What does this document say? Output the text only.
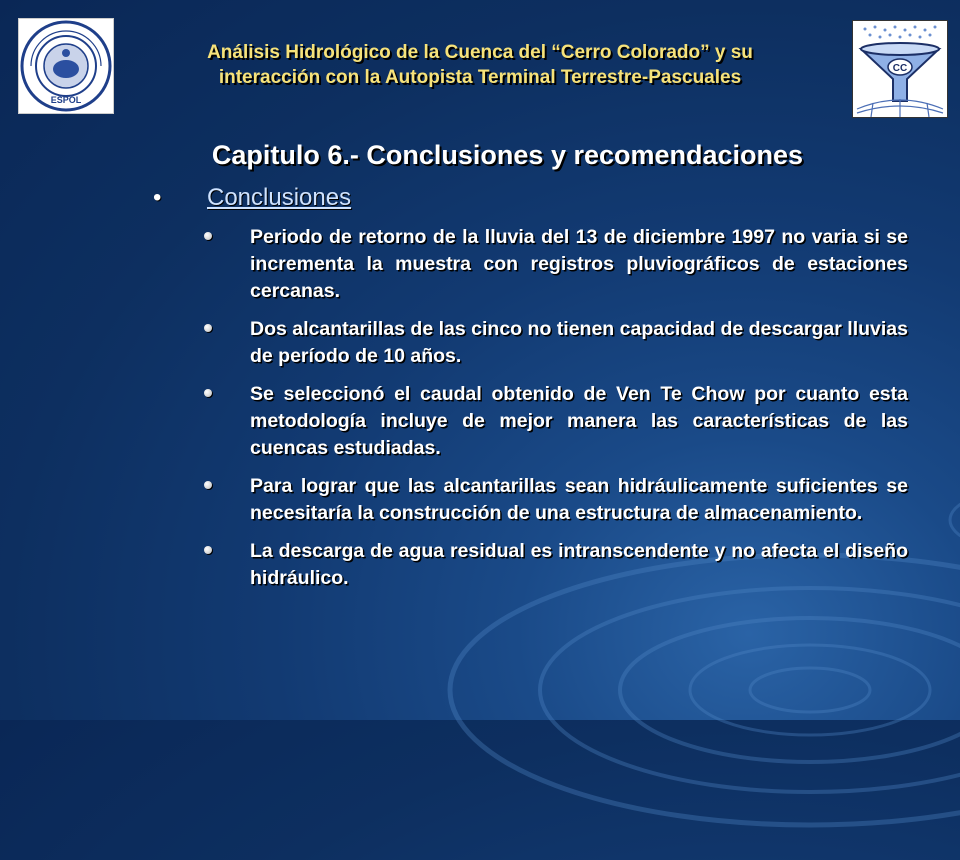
ESPOL
CC
Análisis Hidrológico de la Cuenca del “Cerro Colorado” y su
interacción con la Autopista Terminal Terrestre-Pascuales
Capitulo 6.- Conclusiones y recomendaciones
• Conclusiones
Periodo de retorno de la lluvia del 13 de diciembre 1997 no varia si se incrementa la muestra con registros pluviográficos de estaciones cercanas.
Dos alcantarillas de las cinco no tienen capacidad de descargar lluvias de período de 10 años.
Se seleccionó el caudal obtenido de Ven Te Chow por cuanto esta metodología incluye de mejor manera las características de las cuencas estudiadas.
Para lograr que las alcantarillas sean hidráulicamente suficientes se necesitaría la construcción de una estructura de almacenamiento.
La descarga de agua residual es intranscendente y no afecta el diseño hidráulico.
